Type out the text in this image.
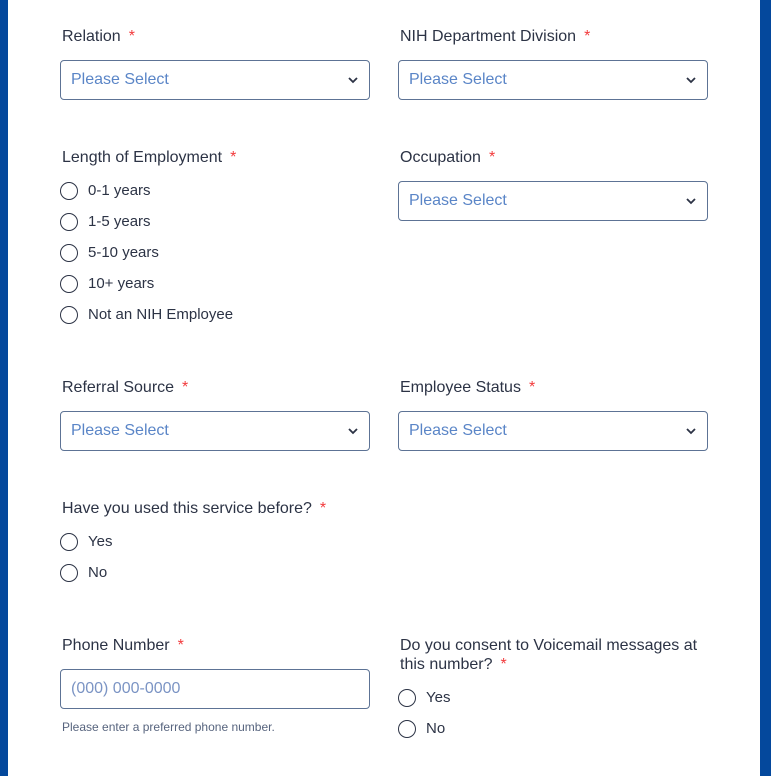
Relation *
Please Select
NIH Department Division *
Please Select
Length of Employment *
0-1 years
1-5 years
5-10 years
10+ years
Not an NIH Employee
Occupation *
Please Select
Referral Source *
Please Select
Employee Status *
Please Select
Have you used this service before? *
Yes
No
Phone Number *
(000) 000-0000
Please enter a preferred phone number.
Do you consent to Voicemail messages at this number? *
Yes
No
